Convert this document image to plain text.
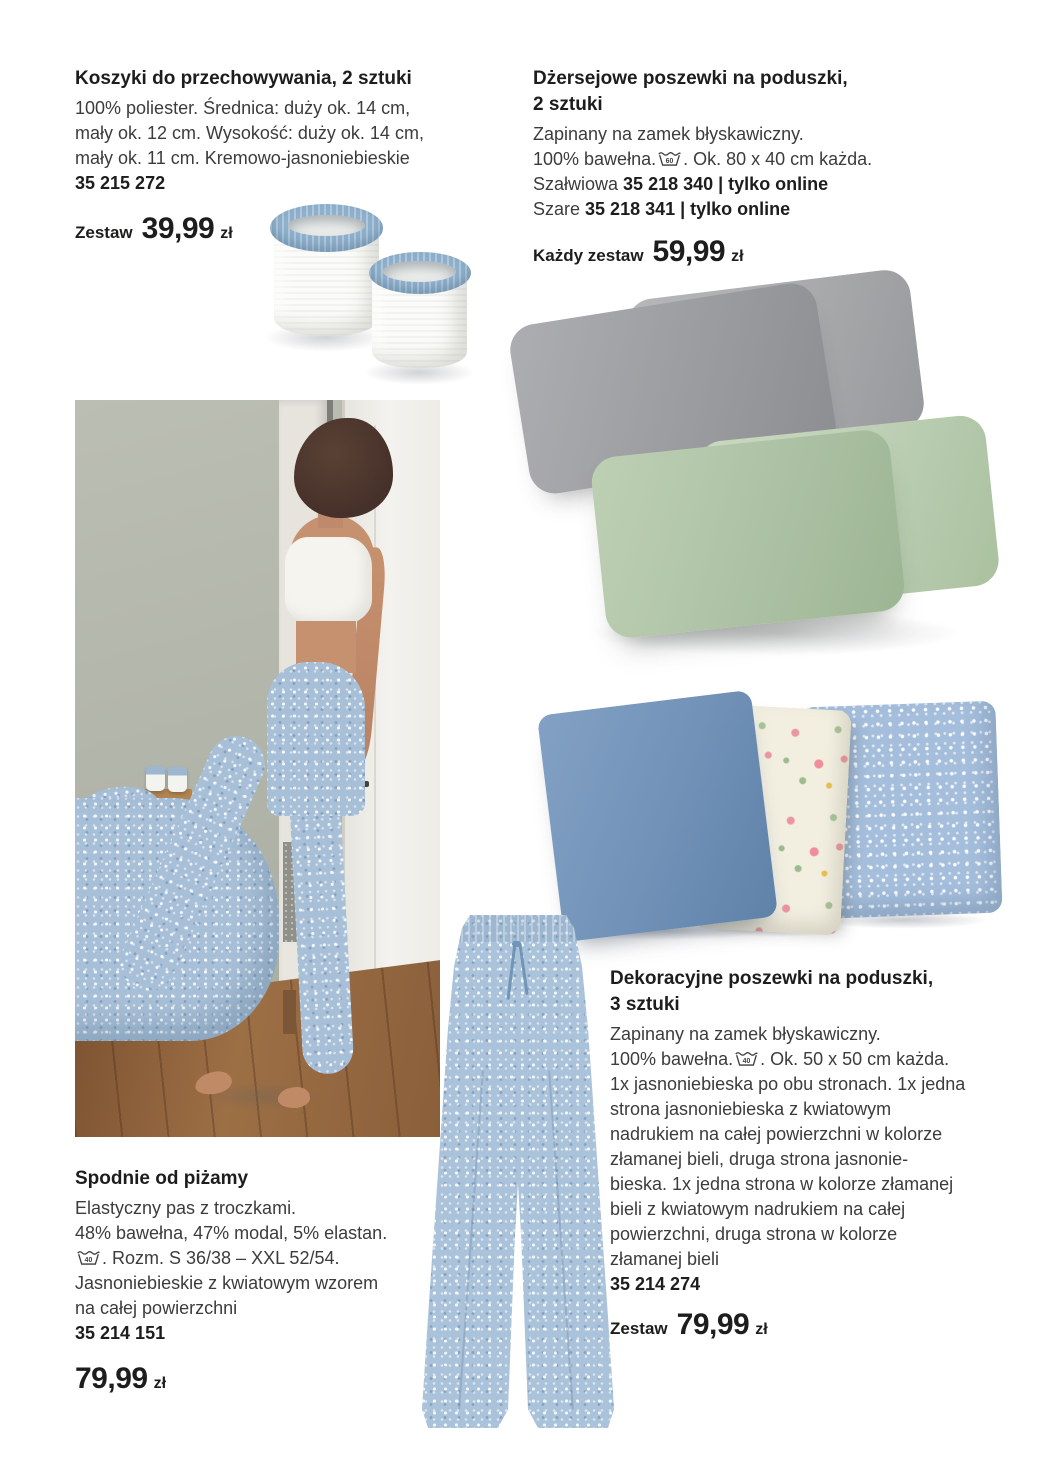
Koszyki do przechowywania, 2 sztuki

100% poliester. Średnica: duży ok. 14 cm,

mały ok. 12 cm. Wysokość: duży ok. 14 cm,

mały ok. 11 cm. Kremowo-jasnoniebieskie

35 215 272

Zestaw 39,99 zł
Dżersejowe poszewki na poduszki,
2 sztuki

Zapinany na zamek błyskawiczny.

100% bawełna. 60 . Ok. 80 x 40 cm każda.

Szałwiowa 35 218 340 | tylko online

Szare 35 218 341 | tylko online

Każdy zestaw 59,99 zł
Dekoracyjne poszewki na poduszki,
3 sztuki

Zapinany na zamek błyskawiczny.

100% bawełna. 40 . Ok. 50 x 50 cm każda.

1x jasnoniebieska po obu stronach. 1x jedna

strona jasnoniebieska z kwiatowym

nadrukiem na całej powierzchni w kolorze

złamanej bieli, druga strona jasnonie-

bieska. 1x jedna strona w kolorze złamanej

bieli z kwiatowym nadrukiem na całej

powierzchni, druga strona w kolorze

złamanej bieli

35 214 274

Zestaw 79,99 zł
Spodnie od piżamy

Elastyczny pas z troczkami.

48% bawełna, 47% modal, 5% elastan.

40 . Rozm. S 36/38 – XXL 52/54.

Jasnoniebieskie z kwiatowym wzorem

na całej powierzchni

35 214 151

79,99 zł
